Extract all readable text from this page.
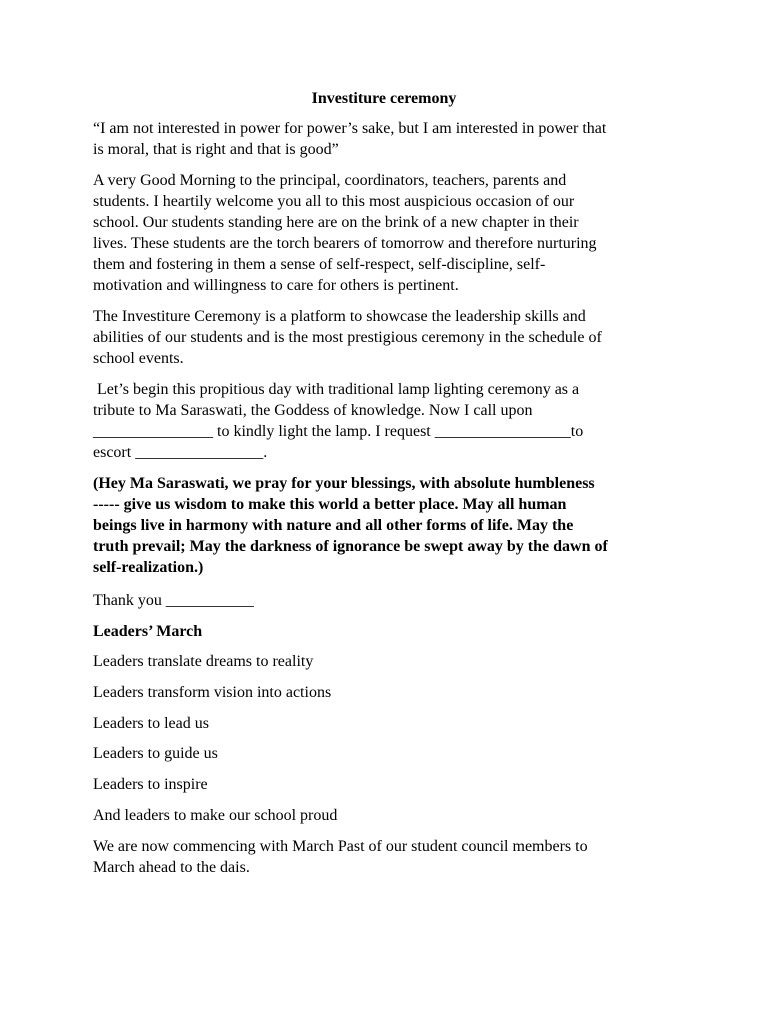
Investiture ceremony
“I am not interested in power for power’s sake, but I am interested in power that
is moral, that is right and that is good”
A very Good Morning to the principal, coordinators, teachers, parents and
students. I heartily welcome you all to this most auspicious occasion of our
school. Our students standing here are on the brink of a new chapter in their
lives. These students are the torch bearers of tomorrow and therefore nurturing
them and fostering in them a sense of self-respect, self-discipline, self-
motivation and willingness to care for others is pertinent.
The Investiture Ceremony is a platform to showcase the leadership skills and
abilities of our students and is the most prestigious ceremony in the schedule of
school events.
Let’s begin this propitious day with traditional lamp lighting ceremony as a
tribute to Ma Saraswati, the Goddess of knowledge. Now I call upon
_______________ to kindly light the lamp. I request _________________to
escort ________________.
(Hey Ma Saraswati, we pray for your blessings, with absolute humbleness
----- give us wisdom to make this world a better place. May all human
beings live in harmony with nature and all other forms of life. May the
truth prevail; May the darkness of ignorance be swept away by the dawn of
self-realization.)
Thank you ___________
Leaders’ March
Leaders translate dreams to reality
Leaders transform vision into actions
Leaders to lead us
Leaders to guide us
Leaders to inspire
And leaders to make our school proud
We are now commencing with March Past of our student council members to
March ahead to the dais.
